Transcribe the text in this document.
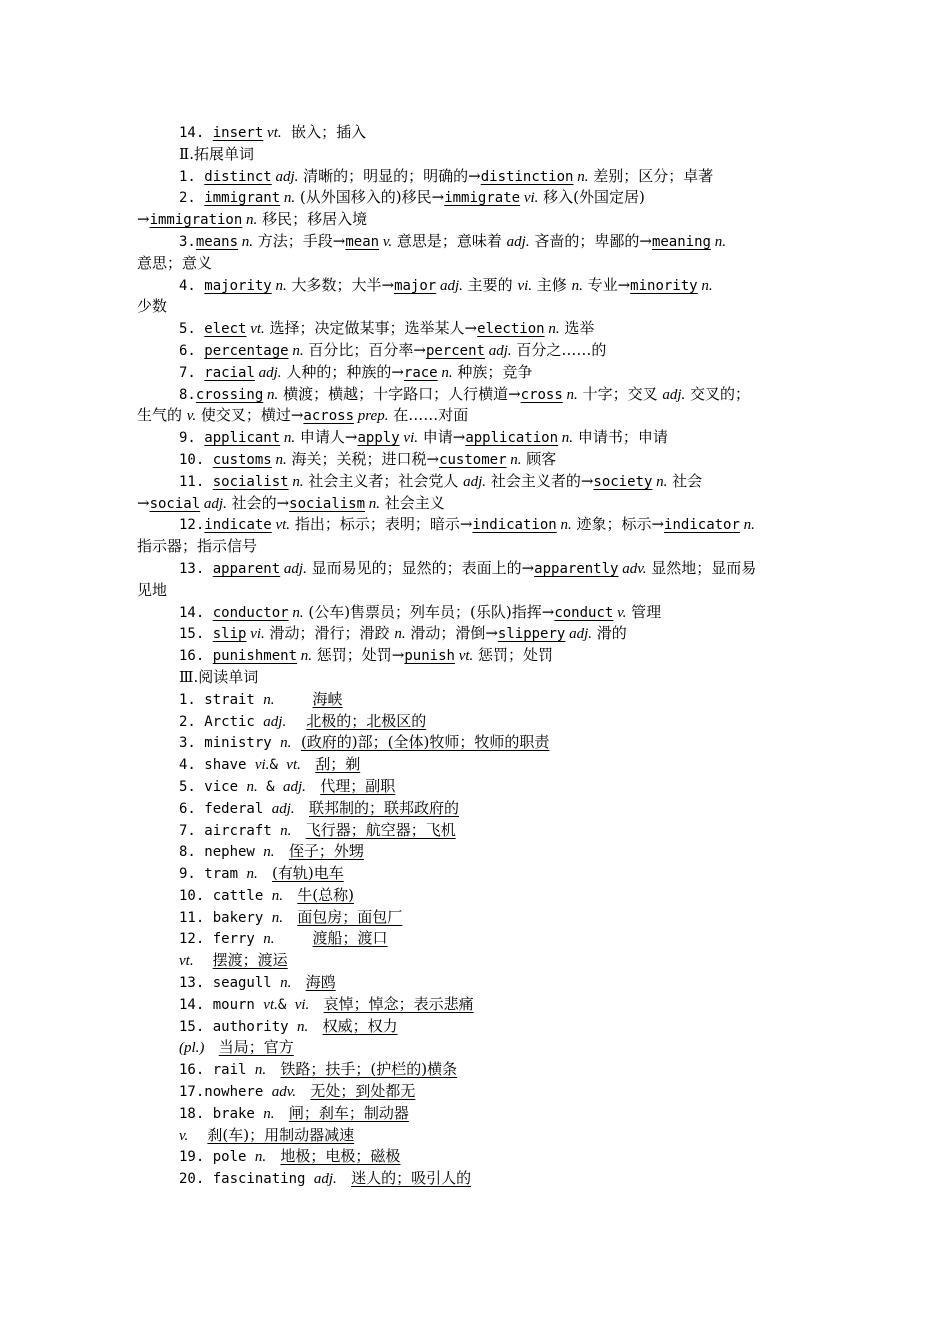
14. insert vt.  嵌入；插入
Ⅱ.拓展单词
1. distinct adj. 清晰的；明显的；明确的→distinction n. 差别；区分；卓著
2. immigrant n. (从外国移入的)移民→immigrate vi. 移入(外国定居)
→immigration n. 移民；移居入境
3.means n. 方法；手段→mean v. 意思是；意味着 adj. 吝啬的；卑鄙的→meaning n.
意思；意义
4. majority n. 大多数；大半→major adj. 主要的 vi. 主修 n. 专业→minority n.
少数
5. elect vt. 选择；决定做某事；选举某人→election n. 选举
6. percentage n. 百分比；百分率→percent adj. 百分之……的
7. racial adj. 人种的；种族的→race n. 种族；竞争
8.crossing n. 横渡；横越；十字路口；人行横道→cross n. 十字；交叉 adj. 交叉的；
生气的 v. 使交叉；横过→across prep. 在……对面
9. applicant n. 申请人→apply vi. 申请→application n. 申请书；申请
10. customs n. 海关；关税；进口税→customer n. 顾客
11. socialist n. 社会主义者；社会党人 adj. 社会主义者的→society n. 社会
→social adj. 社会的→socialism n. 社会主义
12.indicate vt. 指出；标示；表明；暗示→indication n. 迹象；标示→indicator n.
指示器；指示信号
13. apparent adj. 显而易见的；显然的；表面上的→apparently adv. 显然地；显而易
见地
14. conductor n. (公车)售票员；列车员；(乐队)指挥→conduct v. 管理
15. slip vi. 滑动；滑行；滑跤 n. 滑动；滑倒→slippery adj. 滑的
16. punishment n. 惩罚；处罚→punish vt. 惩罚；处罚
Ⅲ.阅读单词
1. strait n.	海峡
2. Arctic adj. 北极的；北极区的
3. ministry n. (政府的)部；(全体)牧师；牧师的职责
4. shave vi.& vt. 刮；剃
5. vice n. & adj. 代理；副职
6. federal adj. 联邦制的；联邦政府的
7. aircraft n. 飞行器；航空器；飞机
8. nephew n. 侄子；外甥
9. tram n. (有轨)电车
10. cattle n. 牛(总称)
11. bakery n. 面包房；面包厂
12. ferry n.	渡船；渡口
vt. 摆渡；渡运
13. seagull n. 海鸥
14. mourn vt.& vi. 哀悼；悼念；表示悲痛
15. authority n. 权威；权力
(pl.) 当局；官方
16. rail n. 铁路；扶手；(护栏的)横条
17.nowhere adv. 无处；到处都无
18. brake n. 闸；刹车；制动器
v. 刹(车)；用制动器减速
19. pole n. 地极；电极；磁极
20. fascinating adj. 迷人的；吸引人的
